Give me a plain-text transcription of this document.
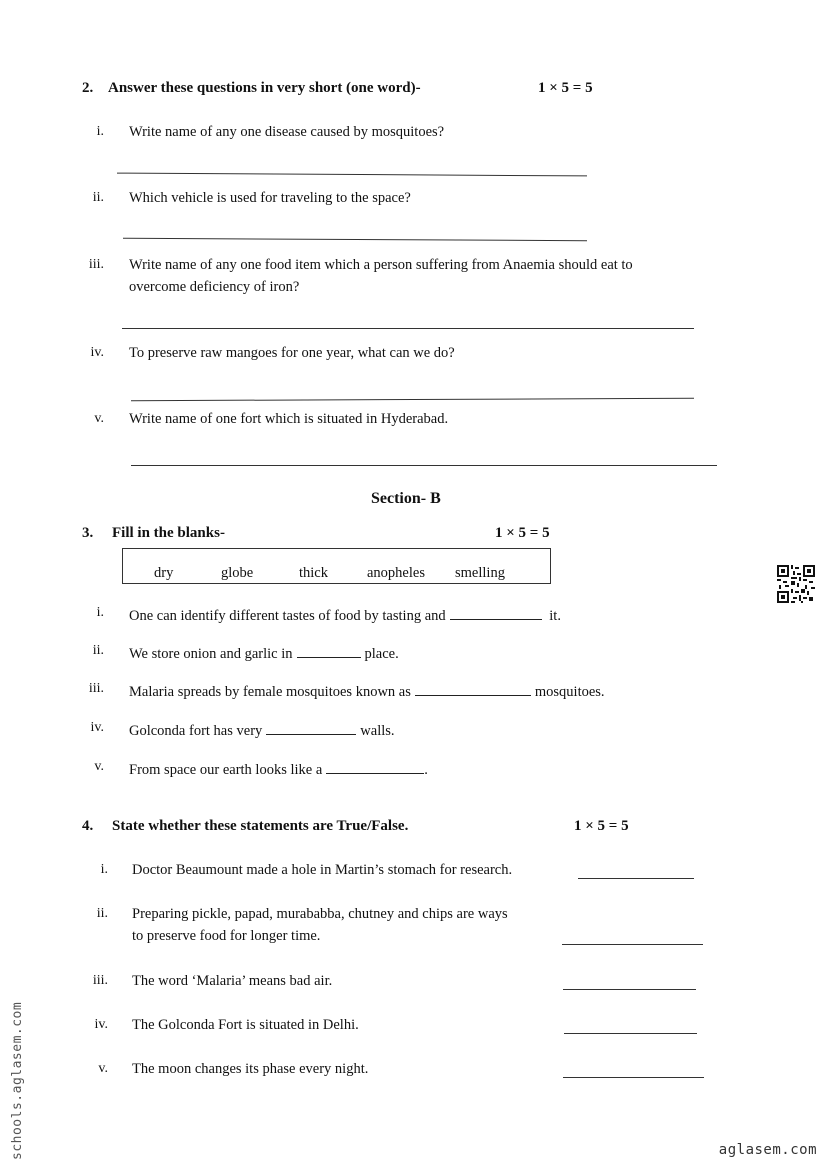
2. Answer these questions in very short (one word)-	1 × 5 = 5
i. Write name of any one disease caused by mosquitoes?
ii. Which vehicle is used for traveling to the space?
iii. Write name of any one food item which a person suffering from Anaemia should eat to
overcome deficiency of iron?
iv. To preserve raw mangoes for one year, what can we do?
v. Write name of one fort which is situated in Hyderabad.
Section- B
3. Fill in the blanks-	1 × 5 = 5
dry	globe	thick	anopheles smelling
i. One can identify different tastes of food by tasting and	it.
ii. We store onion and garlic in	place.
iii. Malaria spreads by female mosquitoes known as	mosquitoes.
iv. Golconda fort has very	walls.
v. From space our earth looks like a	.
4. State whether these statements are True/False.	1 × 5 = 5
i. Doctor Beaumount made a hole in Martin’s stomach for research.
ii. Preparing pickle, papad, murababba, chutney and chips are ways
to preserve food for longer time.
iii. The word ‘Malaria’ means bad air.
iv. The Golconda Fort is situated in Delhi.
v. The moon changes its phase every night.
schools.aglasem.com	aglasem.com
